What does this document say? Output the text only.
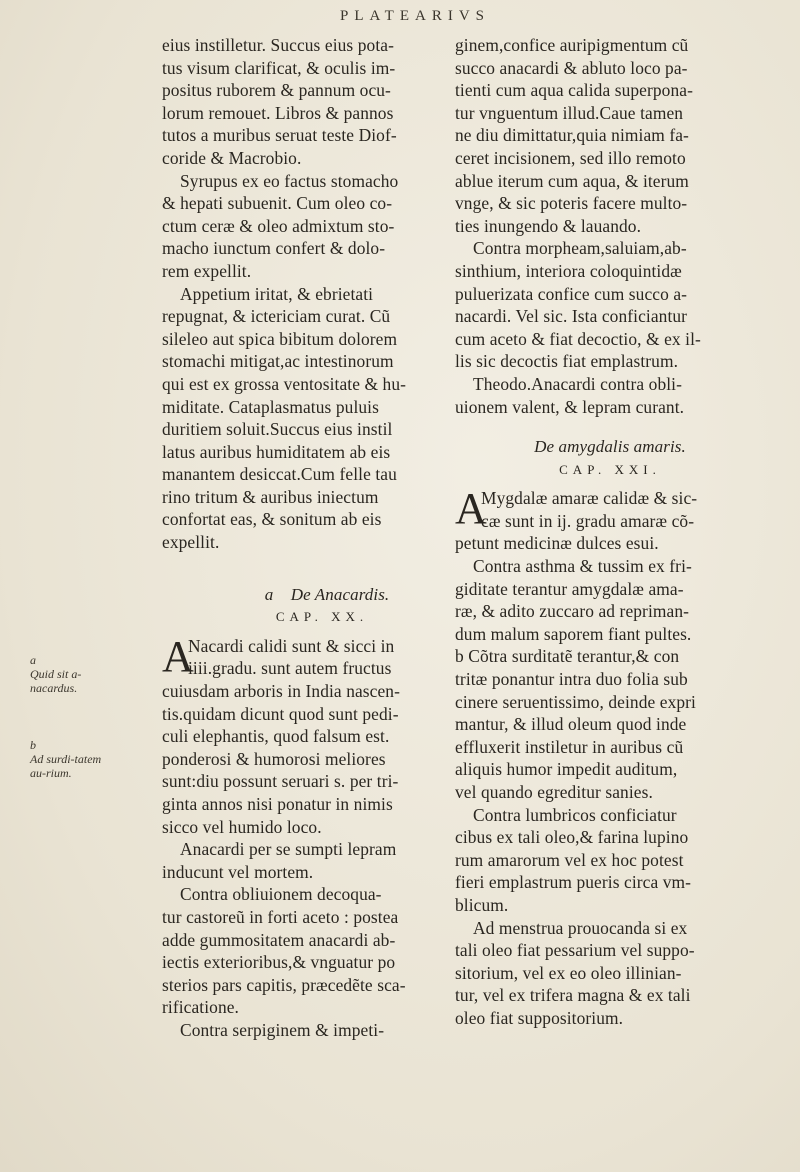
PLATEARIVS
a
Quid sit a-nacardus.
b
Ad surdi-tatem au-rium.
eius instilletur. Succus eius pota-
tus visum clarificat, & oculis im-
positus ruborem & pannum ocu-
lorum remouet. Libros & pannos
tutos a muribus seruat teste Diof-
coride & Macrobio.
Syrupus ex eo factus stomacho
& hepati subuenit. Cum oleo co-
ctum ceræ & oleo admixtum sto-
macho iunctum confert & dolo-
rem expellit.
Appetium iritat, & ebrietati
repugnat, & ictericiam curat. Cũ
sileleo aut spica bibitum dolorem
stomachi mitigat,ac intestinorum
qui est ex grossa ventositate & hu-
miditate. Cataplasmatus puluis
duritiem soluit.Succus eius instil
latus auribus humiditatem ab eis
manantem desiccat.Cum felle tau
rino tritum & auribus iniectum
confortat eas, & sonitum ab eis
expellit.
a De Anacardis.
CAP. XX.
A
Nacardi calidi sunt & sicci in
iiii.gradu. sunt autem fructus
cuiusdam arboris in India nascen-
tis.quidam dicunt quod sunt pedi-
culi elephantis, quod falsum est.
ponderosi & humorosi meliores
sunt:diu possunt seruari s. per tri-
ginta annos nisi ponatur in nimis
sicco vel humido loco.
Anacardi per se sumpti lepram
inducunt vel mortem.
Contra obliuionem decoqua-
tur castoreũ in forti aceto : postea
adde gummositatem anacardi ab-
iectis exterioribus,& vnguatur po
sterios pars capitis, præcedẽte sca-
rificatione.
Contra serpiginem & impeti-
ginem,confice auripigmentum cũ
succo anacardi & abluto loco pa-
tienti cum aqua calida superpona-
tur vnguentum illud.Caue tamen
ne diu dimittatur,quia nimiam fa-
ceret incisionem, sed illo remoto
ablue iterum cum aqua, & iterum
vnge, & sic poteris facere multo-
ties inungendo & lauando.
Contra morpheam,saluiam,ab-
sinthium, interiora coloquintidæ
puluerizata confice cum succo a-
nacardi. Vel sic. Ista conficiantur
cum aceto & fiat decoctio, & ex il-
lis sic decoctis fiat emplastrum.
Theodo.Anacardi contra obli-
uionem valent, & lepram curant.
De amygdalis amaris.
CAP. XXI.
A
Mygdalæ amaræ calidæ & sic-
cæ sunt in ij. gradu amaræ cõ-
petunt medicinæ dulces esui.
Contra asthma & tussim ex fri-
giditate terantur amygdalæ ama-
ræ, & adito zuccaro ad repriman-
dum malum saporem fiant pultes.
b Cõtra surditatẽ terantur,& con
tritæ ponantur intra duo folia sub
cinere seruentissimo, deinde expri
mantur, & illud oleum quod inde
effluxerit instiletur in auribus cũ
aliquis humor impedit auditum,
vel quando egreditur sanies.
Contra lumbricos conficiatur
cibus ex tali oleo,& farina lupino
rum amarorum vel ex hoc potest
fieri emplastrum pueris circa vm-
blicum.
Ad menstrua prouocanda si ex
tali oleo fiat pessarium vel suppo-
sitorium, vel ex eo oleo illinian-
tur, vel ex trifera magna & ex tali
oleo fiat suppositorium.
